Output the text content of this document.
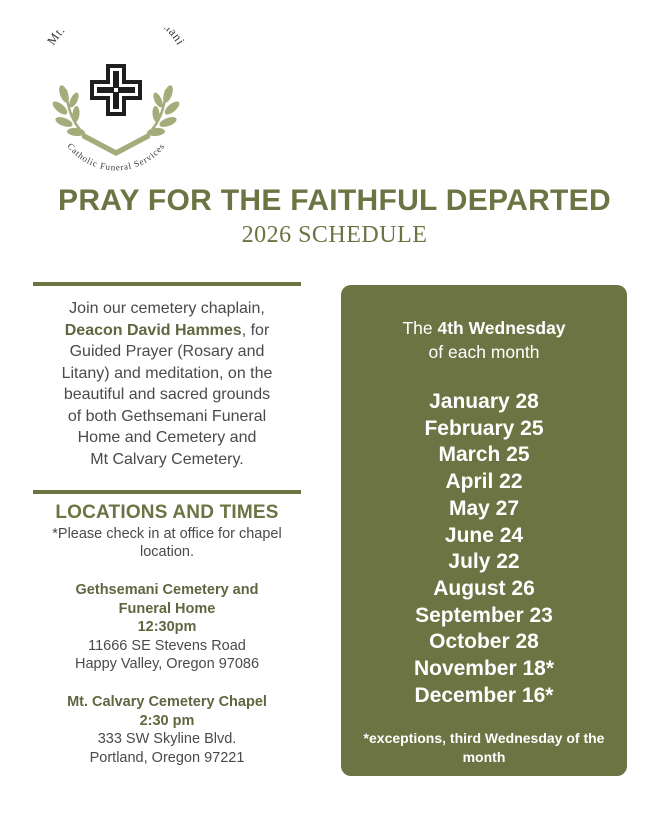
Mt. ani
Catholic Funeral Services
PRAY FOR THE FAITHFUL DEPARTED
2026 SCHEDULE
Join our cemetery chaplain,
Deacon David Hammes, for
Guided Prayer (Rosary and
Litany) and meditation, on the
beautiful and sacred grounds
of both Gethsemani Funeral
Home and Cemetery and
Mt Calvary Cemetery.
LOCATIONS AND TIMES
*Please check in at office for chapel location.
Gethsemani Cemetery and
Funeral Home
12:30pm
11666 SE Stevens Road
Happy Valley, Oregon 97086
Mt. Calvary Cemetery Chapel
2:30 pm
333 SW Skyline Blvd.
Portland, Oregon 97221
The 4th Wednesday
of each month
January 28
February 25
March 25
April 22
May 27
June 24
July 22
August 26
September 23
October 28
November 18*
December 16*
*exceptions, third Wednesday of the month
